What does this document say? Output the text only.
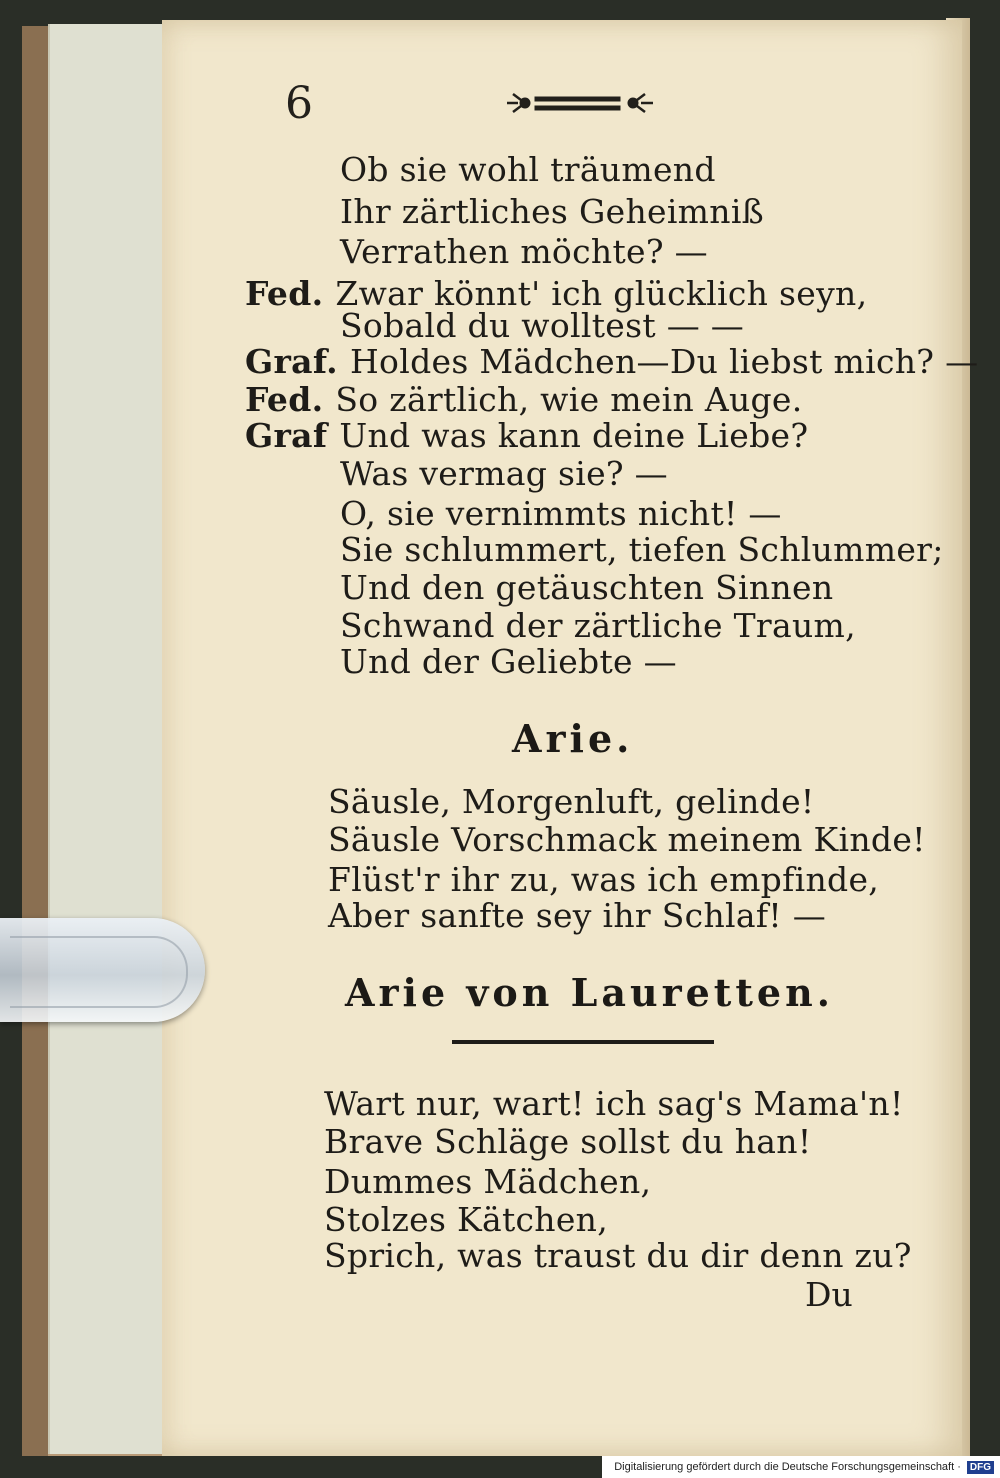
6
Ob sie wohl träumend
Ihr zärtliches Geheimniß
Verrathen möchte? —
Fed. Zwar könnt' ich glücklich seyn,
Sobald du wolltest — —
Graf. Holdes Mädchen—Du liebst mich? —
Fed. So zärtlich, wie mein Auge.
Graf Und was kann deine Liebe?
Was vermag sie? —
O, sie vernimmts nicht! —
Sie schlummert, tiefen Schlummer;
Und den getäuschten Sinnen
Schwand der zärtliche Traum,
Und der Geliebte —
Arie.
Säusle, Morgenluft, gelinde!
Säusle Vorschmack meinem Kinde!
Flüst'r ihr zu, was ich empfinde,
Aber sanfte sey ihr Schlaf! —
Arie von Lauretten.
Wart nur, wart! ich sag's Mama'n!
Brave Schläge sollst du han!
Dummes Mädchen,
Stolzes Kätchen,
Sprich, was traust du dir denn zu?
Du
Digitalisierung gefördert durch die Deutsche Forschungsgemeinschaft · DFG
